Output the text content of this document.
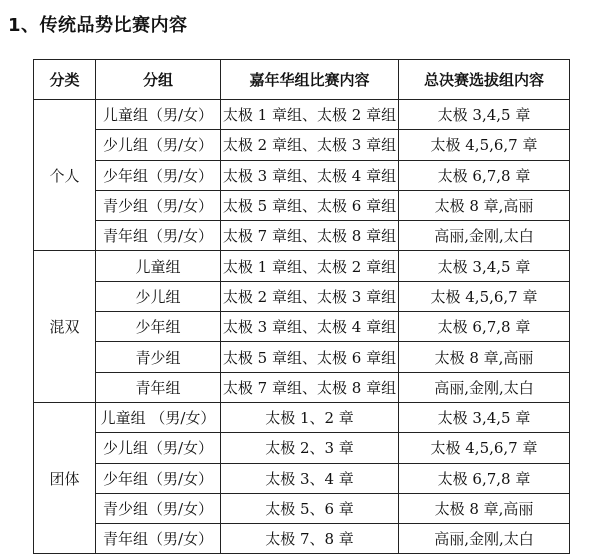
1、传统品势比赛内容
分类	分组	嘉年华组比赛内容	总决赛选拔组内容
个人	儿童组（男/女）	太极 1 章组、太极 2 章组	太极 3,4,5 章
	少儿组（男/女）	太极 2 章组、太极 3 章组	太极 4,5,6,7 章
	少年组（男/女）	太极 3 章组、太极 4 章组	太极 6,7,8 章
	青少组（男/女）	太极 5 章组、太极 6 章组	太极 8 章,高丽
	青年组（男/女）	太极 7 章组、太极 8 章组	高丽,金刚,太白
混双	儿童组	太极 1 章组、太极 2 章组	太极 3,4,5 章
	少儿组	太极 2 章组、太极 3 章组	太极 4,5,6,7 章
	少年组	太极 3 章组、太极 4 章组	太极 6,7,8 章
	青少组	太极 5 章组、太极 6 章组	太极 8 章,高丽
	青年组	太极 7 章组、太极 8 章组	高丽,金刚,太白
团体	儿童组 （男/女）	太极 1、2 章	太极 3,4,5 章
	少儿组（男/女）	太极 2、3 章	太极 4,5,6,7 章
	少年组（男/女）	太极 3、4 章	太极 6,7,8 章
	青少组（男/女）	太极 5、6 章	太极 8 章,高丽
	青年组（男/女）	太极 7、8 章	高丽,金刚,太白
